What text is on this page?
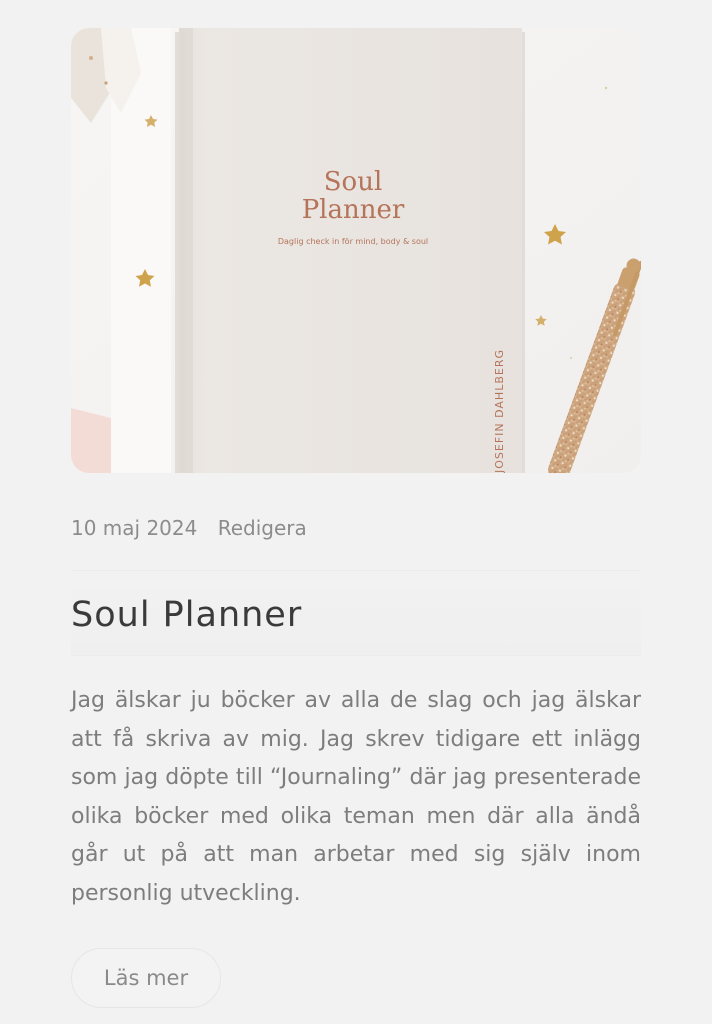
Soul
Planner
Daglig check in för mind, body & soul
JOSEFIN DAHLBERG
10 maj 2024 Redigera
Soul Planner

Jag älskar ju böcker av alla de slag och jag älskar att få skriva av mig. Jag skrev tidigare ett inlägg som jag döpte till “Journaling” där jag presenterade olika böcker med olika teman men där alla ändå går ut på att man arbetar med sig själv inom personlig utveckling.

Läs mer
